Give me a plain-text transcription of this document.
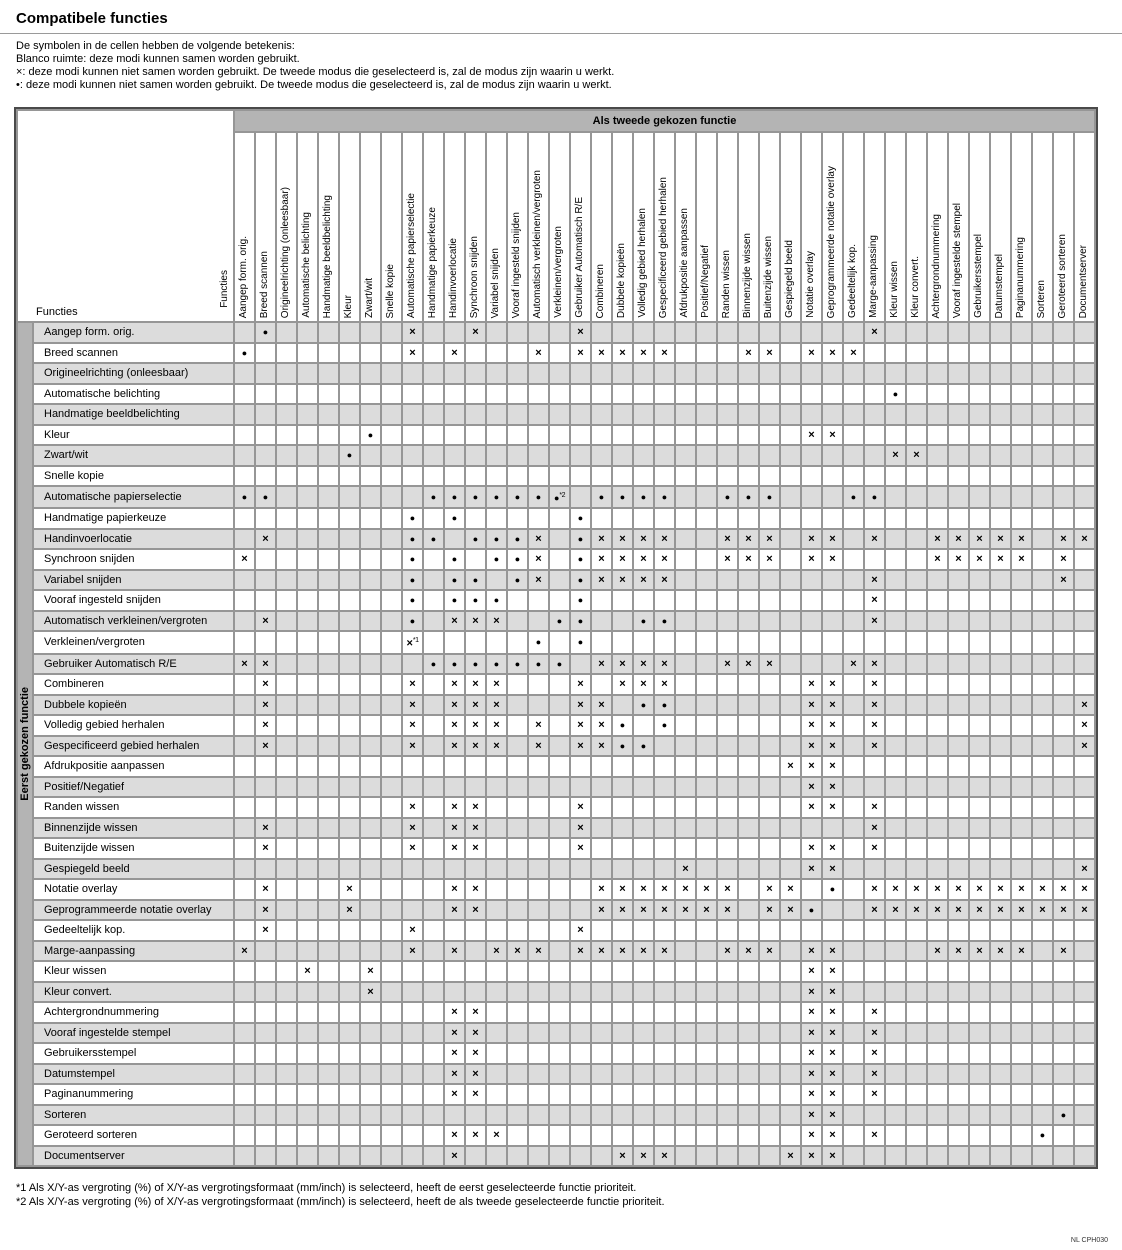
Compatibele functies
De symbolen in de cellen hebben de volgende betekenis:
Blanco ruimte: deze modi kunnen samen worden gebruikt.
×: deze modi kunnen niet samen worden gebruikt. De tweede modus die geselecteerd is, zal de modus zijn waarin u werkt.
•: deze modi kunnen niet samen worden gebruikt. De tweede modus die geselecteerd is, zal de modus zijn waarin u werkt.
Functies
Functies		Als tweede gekozen functie																																								

		Aangep form. orig.	Breed scannen	Origineelrichting (onleesbaar)	Automatische belichting	Handmatige beeldbelichting	Kleur	Zwart/wit	Snelle kopie	Automatische papierselectie	Handmatige papierkeuze	Handinvoerlocatie	Synchroon snijden	Variabel snijden	Vooraf ingesteld snijden	Automatisch verkleinen/vergroten	Verkleinen/vergroten	Gebruiker Automatisch R/E	Combineren	Dubbele kopieën	Volledig gebied herhalen	Gespecificeerd gebied herhalen	Afdrukpositie aanpassen	Positief/Negatief	Randen wissen	Binnenzijde wissen	Buitenzijde wissen	Gespiegeld beeld	Notatie overlay	Geprogrammeerde notatie overlay	Gedeeltelijk kop.	Marge-aanpassing	Kleur wissen	Kleur convert.	Achtergrondnummering	Vooraf ingestelde stempel	Gebruikersstempel	Datumstempel	Paginanummering	Sorteren	Geroteerd sorteren	Documentserver

Eerst gekozen functie	Aangep form. orig.		●							×			×					×														×										
	Breed scannen	●								×		×				×		×	×	×	×	×				×	×		×	×	×											
	Origineelrichting (onleesbaar)																																									
	Automatische belichting																																●									
	Handmatige beeldbelichting																																									
	Kleur							●																					×	×												
	Zwart/wit						●																										×	×								
	Snelle kopie																																									
	Automatische papierselectie	●	●								●	●	●	●	●	●	●$^{*2}$		●	●	●	●			●	●	●				●	●										
	Handmatige papierkeuze									●		●						●																								
	Handinvoerlocatie		×							●	●		●	●	●	×		●	×	×	×	×			×	×	×		×	×		×			×	×	×	×	×		×	×
	Synchroon snijden	×								●		●		●	●	×		●	×	×	×	×			×	×	×		×	×					×	×	×	×	×		×	
	Variabel snijden									●		●	●		●	×		●	×	×	×	×										×									×	
	Vooraf ingesteld snijden									●		●	●	●				●														×										
	Automatisch verkleinen/vergroten		×							●		×	×	×			●	●			●	●										×										
	Verkleinen/vergroten									×$^{*1}$						●		●																								
	Gebruiker Automatisch R/E	×	×								●	●	●	●	●	●	●		×	×	×	×			×	×	×				×	×										
	Combineren		×							×		×	×	×				×		×	×	×							×	×		×										
	Dubbele kopieën		×							×		×	×	×				×	×		●	●							×	×		×										×
	Volledig gebied herhalen		×							×		×	×	×		×		×	×	●		●							×	×		×										×
	Gespecificeerd gebied herhalen		×							×		×	×	×		×		×	×	●	●								×	×		×										×
	Afdrukpositie aanpassen																											×	×	×												
	Positief/Negatief																												×	×												
	Randen wissen									×		×	×					×											×	×		×										
	Binnenzijde wissen		×							×		×	×					×														×										
	Buitenzijde wissen		×							×		×	×					×											×	×		×										
	Gespiegeld beeld																						×						×	×												×
	Notatie overlay		×				×					×	×						×	×	×	×	×	×	×		×	×		●		×	×	×	×	×	×	×	×	×	×	×
	Geprogrammeerde notatie overlay		×				×					×	×						×	×	×	×	×	×	×		×	×	●			×	×	×	×	×	×	×	×	×	×	×
	Gedeeltelijk kop.		×							×								×																								
	Marge-aanpassing	×								×		×		×	×	×		×	×	×	×	×			×	×	×		×	×					×	×	×	×	×		×	
	Kleur wissen				×			×																					×	×												
	Kleur convert.							×																					×	×												
	Achtergrondnummering											×	×																×	×		×										
	Vooraf ingestelde stempel											×	×																×	×		×										
	Gebruikersstempel											×	×																×	×		×										
	Datumstempel											×	×																×	×		×										
	Paginanummering											×	×																×	×		×										
	Sorteren																												×	×											●	
	Geroteerd sorteren											×	×	×															×	×		×								●		
	Documentserver											×								×	×	×						×	×	×												
*1 Als X/Y-as vergroting (%) of X/Y-as vergrotingsformaat (mm/inch) is selecteerd, heeft de eerst geselecteerde functie prioriteit.
*2 Als X/Y-as vergroting (%) of X/Y-as vergrotingsformaat (mm/inch) is selecteerd, heeft de als tweede geselecteerde functie prioriteit.
NL CPH030
